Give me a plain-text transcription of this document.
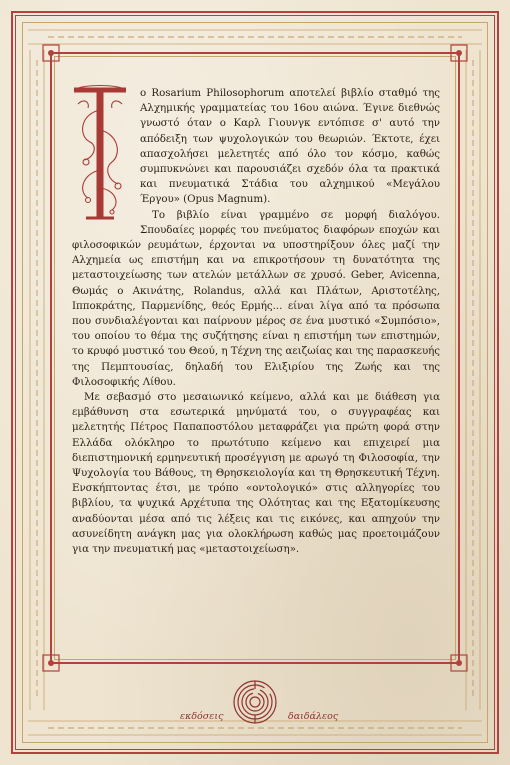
ο Rosarium Philosophorum αποτελεί βιβλίο σταθμό της Αλχημικής γραμματείας του 16ου αιώνα. Έγινε διεθνώς γνωστό όταν ο Καρλ Γιουνγκ εντόπισε σ' αυτό την απόδειξη των ψυχολογικών του θεωριών. Έκτοτε, έχει απασχολήσει μελετητές από όλο τον κόσμο, καθώς συμπυκνώνει και παρουσιάζει σχεδόν όλα τα πρακτικά και πνευματικά Στάδια του αλχημικού «Μεγάλου Έργου» (Opus Magnum).

Το βιβλίο είναι γραμμένο σε μορφή διαλόγου. Σπουδαίες μορφές του πνεύματος διαφόρων εποχών και φιλοσοφικών ρευμάτων, έρχονται να υποστηρίξουν όλες μαζί την Αλχημεία ως επιστήμη και να επικροτήσουν τη δυνατότητα της μεταστοιχείωσης των ατελών μετάλλων σε χρυσό. Geber, Avicenna, Θωμάς ο Ακινάτης, Rolandus, αλλά και Πλάτων, Αριστοτέλης, Ιπποκράτης, Παρμενίδης, θεός Ερμής... είναι λίγα από τα πρόσωπα που συνδιαλέγονται και παίρνουν μέρος σε ένα μυστικό «Συμπόσιο», του οποίου το θέμα της συζήτησης είναι η επιστήμη των επιστημών, το κρυφό μυστικό του Θεού, η Τέχνη της αειζωίας και της παρασκευής της Πεμπτουσίας, δηλαδή του Ελιξιρίου της Ζωής και της Φιλοσοφικής Λίθου.

Με σεβασμό στο μεσαιωνικό κείμενο, αλλά και με διάθεση για εμβάθυνση στα εσωτερικά μηνύματά του, ο συγγραφέας και μελετητής Πέτρος Παπαποστόλου μεταφράζει για πρώτη φορά στην Ελλάδα ολόκληρο το πρωτότυπο κείμενο και επιχειρεί μια διεπιστημονική ερμηνευτική προσέγγιση με αρωγό τη Φιλοσοφία, την Ψυχολογία του Βάθους, τη Θρησκειολογία και τη Θρησκευτική Τέχνη. Ενσκήπτοντας έτσι, με τρόπο «οντολογικό» στις αλληγορίες του βιβλίου, τα ψυχικά Αρχέτυπα της Ολότητας και της Εξατομίκευσης αναδύονται μέσα από τις λέξεις και τις εικόνες, και απηχούν την ασυνείδητη ανάγκη μας για ολοκλήρωση καθώς μας προετοιμάζουν για την πνευματική μας «μεταστοιχείωση».

εκδόσεις	δαιδάλεος
